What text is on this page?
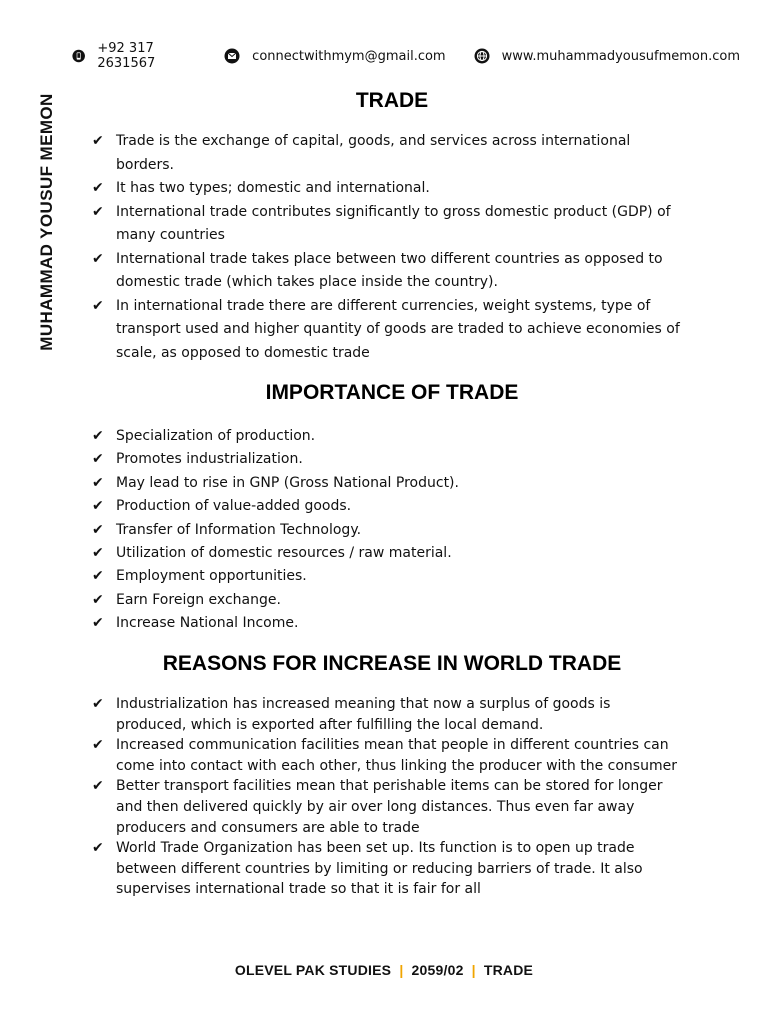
+92 317 2631567	connectwithmym@gmail.com	www.muhammadyousufmemon.com
MUHAMMAD YOUSUF MEMON	TRADE
✔ Trade is the exchange of capital, goods, and services across international borders.
✔ It has two types; domestic and international.
✔ International trade contributes significantly to gross domestic product (GDP) of many countries
✔ International trade takes place between two different countries as opposed to domestic trade (which takes place inside the country).
✔ In international trade there are different currencies, weight systems, type of transport used and higher quantity of goods are traded to achieve economies of scale, as opposed to domestic trade
IMPORTANCE OF TRADE
✔ Specialization of production.
✔ Promotes industrialization.
✔ May lead to rise in GNP (Gross National Product).
✔ Production of value-added goods.
✔ Transfer of Information Technology.
✔ Utilization of domestic resources / raw material.
✔ Employment opportunities.
✔ Earn Foreign exchange.
✔ Increase National Income.
REASONS FOR INCREASE IN WORLD TRADE
✔ Industrialization has increased meaning that now a surplus of goods is produced, which is exported after fulfilling the local demand.
✔ Increased communication facilities mean that people in different countries can come into contact with each other, thus linking the producer with the consumer
✔ Better transport facilities mean that perishable items can be stored for longer and then delivered quickly by air over long distances. Thus even far away producers and consumers are able to trade
✔ World Trade Organization has been set up. Its function is to open up trade between different countries by limiting or reducing barriers of trade. It also supervises international trade so that it is fair for all
OLEVEL PAK STUDIES | 2059/02 | TRADE
